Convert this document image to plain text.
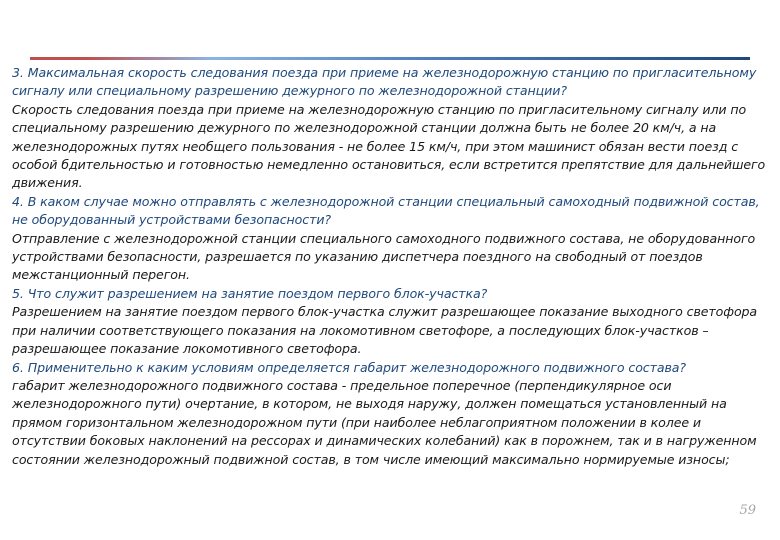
3. Максимальная скорость следования поезда при приеме на железнодорожную станцию по пригласительному сигналу или специальному разрешению дежурного по железнодорожной станции?

Скорость следования поезда при приеме на железнодорожную станцию по пригласительному сигналу или по специальному разрешению дежурного по железнодорожной станции должна быть не более 20 км/ч, а на железнодорожных путях необщего пользования - не более 15 км/ч, при этом машинист обязан вести поезд с особой бдительностью и готовностью немедленно остановиться, если встретится препятствие для дальнейшего движения.

4. В каком случае можно отправлять с железнодорожной станции специальный самоходный подвижной состав, не оборудованный устройствами безопасности?

Отправление с железнодорожной станции специального самоходного подвижного состава, не оборудованного устройствами безопасности, разрешается по указанию диспетчера поездного на свободный от поездов межстанционный перегон.

5. Что служит разрешением на занятие поездом первого блок-участка?

Разрешением на занятие поездом первого блок-участка служит разрешающее показание выходного светофора при наличии соответствующего показания на локомотивном светофоре, а последующих блок-участков – разрешающее показание локомотивного светофора.

6. Применительно к каким условиям определяется габарит железнодорожного подвижного состава?

габарит железнодорожного подвижного состава - предельное поперечное (перпендикулярное оси железнодорожного пути) очертание, в котором, не выходя наружу, должен помещаться установленный на прямом горизонтальном железнодорожном пути (при наиболее неблагоприятном положении в колее и отсутствии боковых наклонений на рессорах и динамических колебаний) как в порожнем, так и в нагруженном состоянии железнодорожный подвижной состав, в том числе имеющий максимально нормируемые износы;

59
